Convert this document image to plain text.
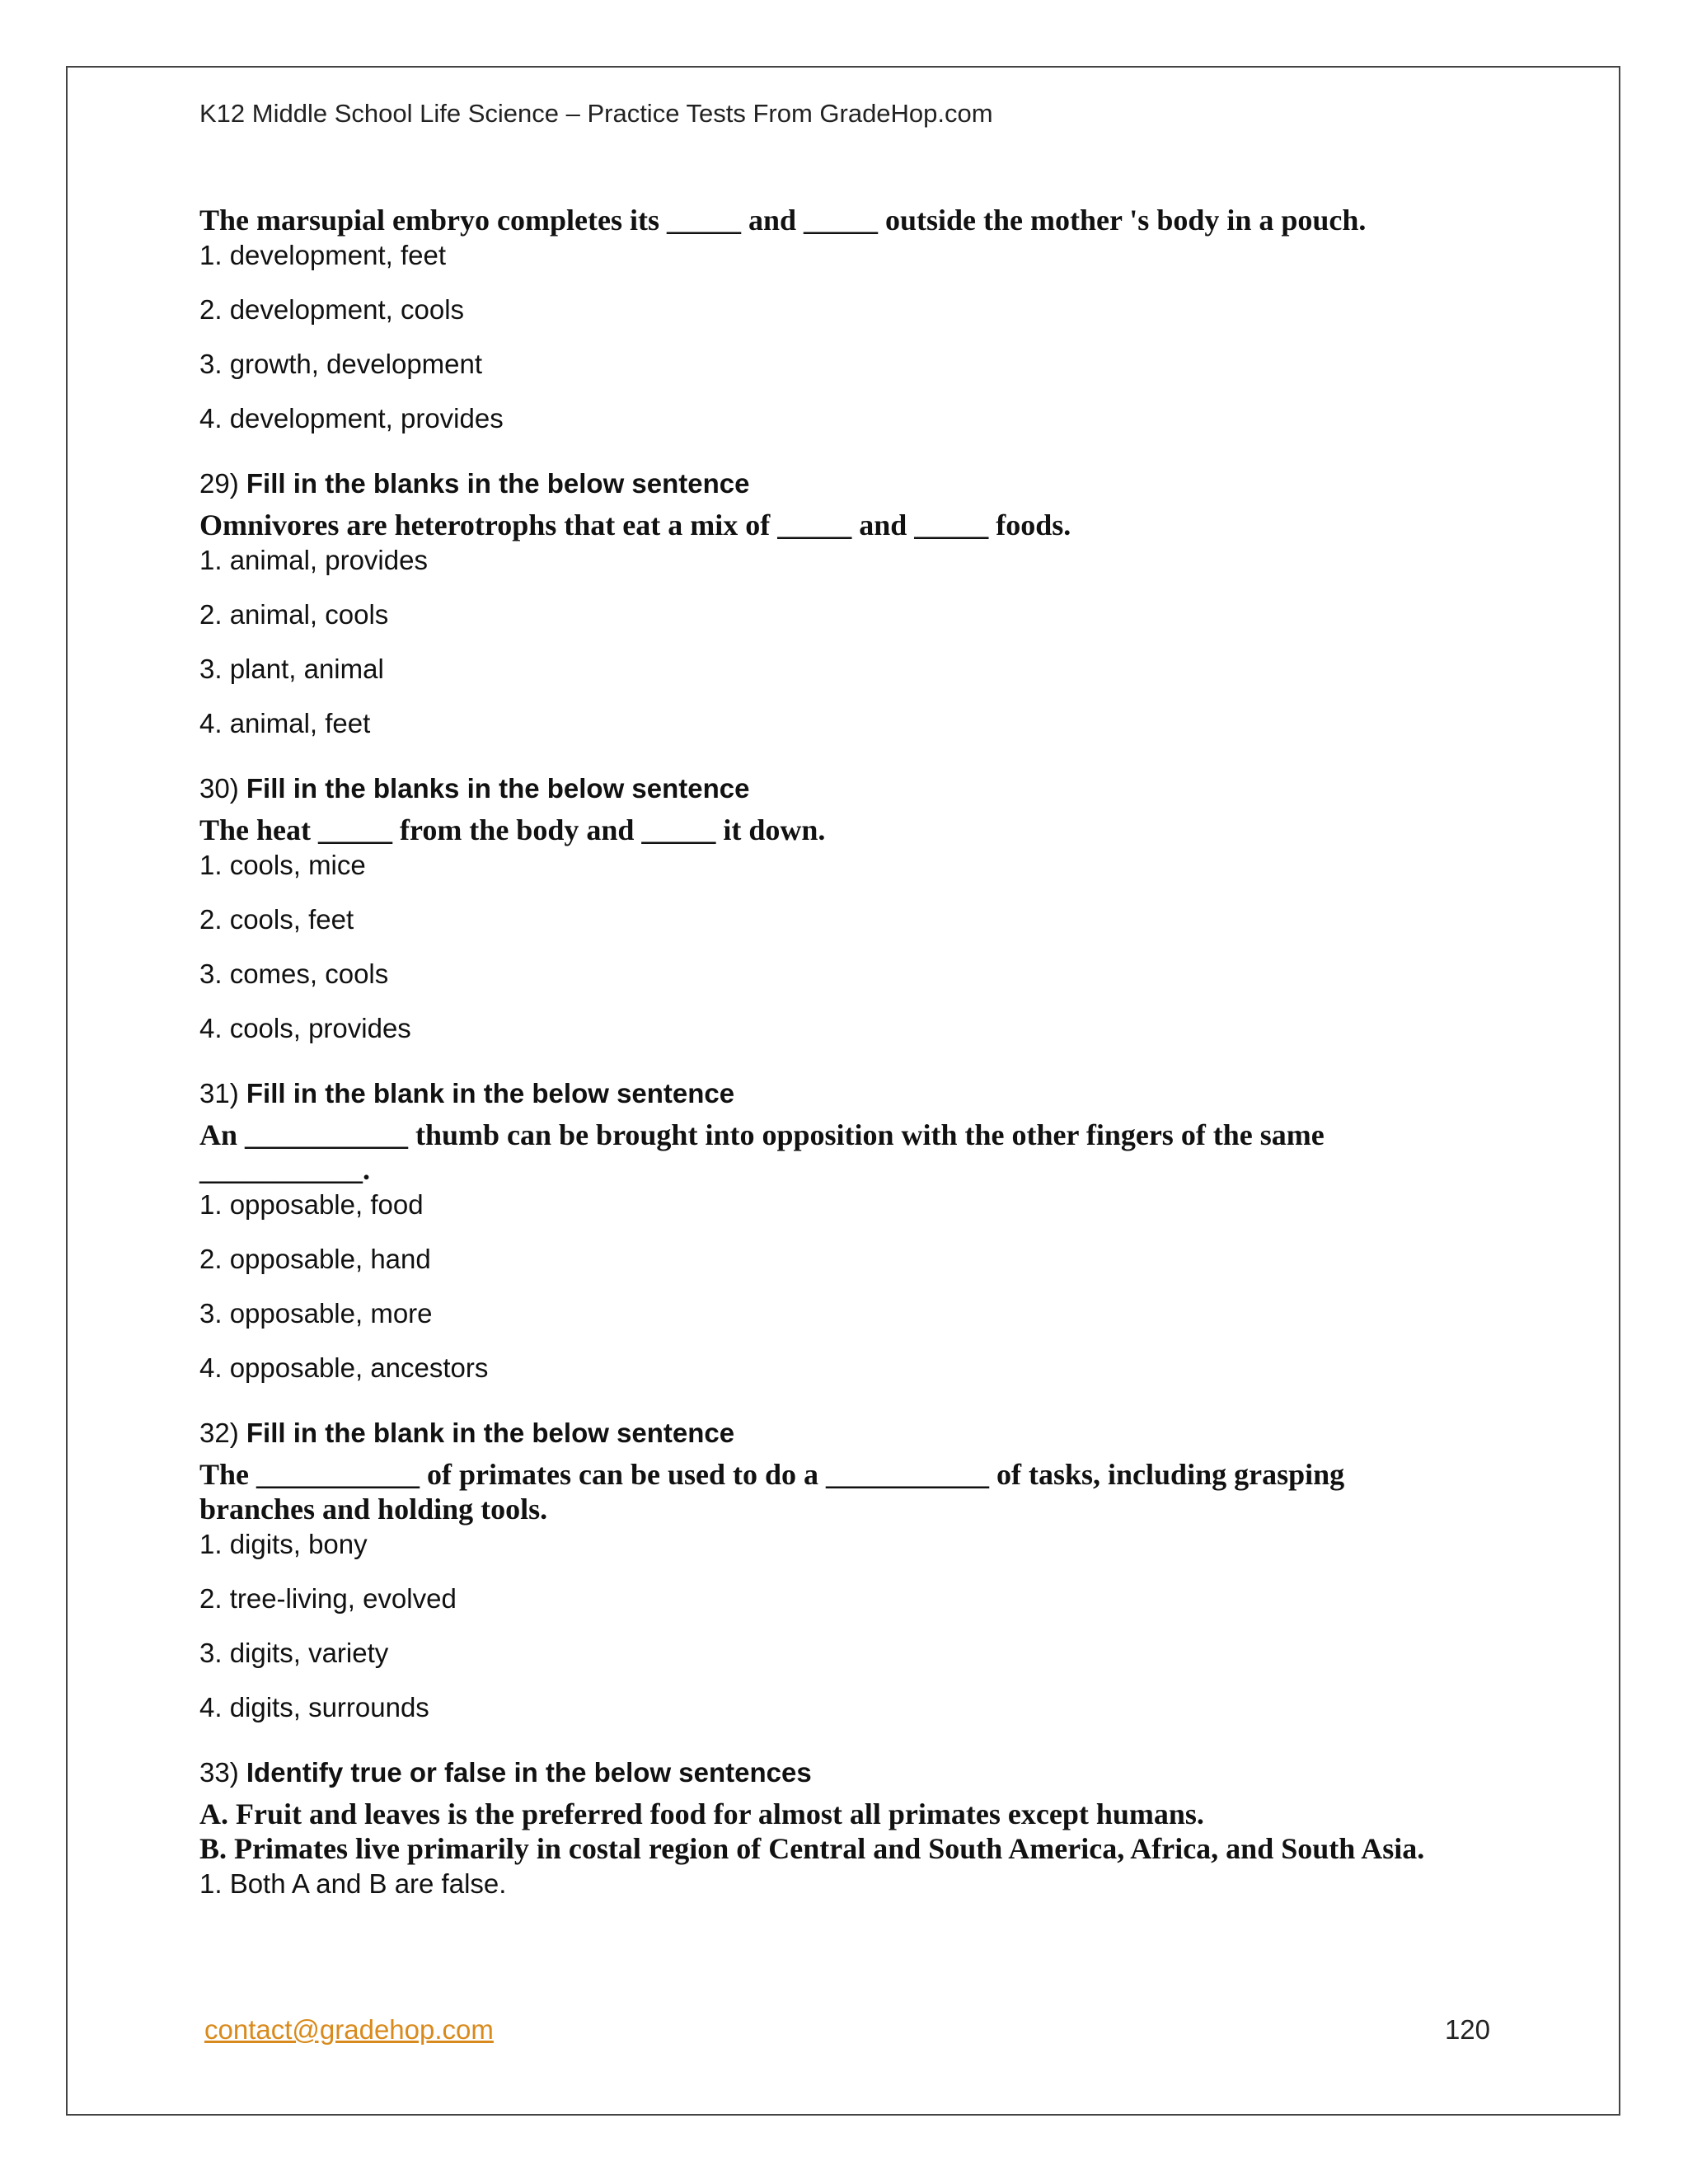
K12 Middle School Life Science – Practice Tests From GradeHop.com
The marsupial embryo completes its _____ and _____ outside the mother 's body in a pouch.
1. development, feet
2. development, cools
3. growth, development
4. development, provides
29) Fill in the blanks in the below sentence
Omnivores are heterotrophs that eat a mix of _____ and _____ foods.
1. animal, provides
2. animal, cools
3. plant, animal
4. animal, feet
30) Fill in the blanks in the below sentence
The heat _____ from the body and _____ it down.
1. cools, mice
2. cools, feet
3. comes, cools
4. cools, provides
31) Fill in the blank in the below sentence
An ___________ thumb can be brought into opposition with the other fingers of the same
___________.
1. opposable, food
2. opposable, hand
3. opposable, more
4. opposable, ancestors
32) Fill in the blank in the below sentence
The ___________ of primates can be used to do a ___________ of tasks, including grasping
branches and holding tools.
1. digits, bony
2. tree-living, evolved
3. digits, variety
4. digits, surrounds
33) Identify true or false in the below sentences
A. Fruit and leaves is the preferred food for almost all primates except humans.
B. Primates live primarily in costal region of Central and South America, Africa, and South Asia.
1. Both A and B are false.
contact@gradehop.com	120
